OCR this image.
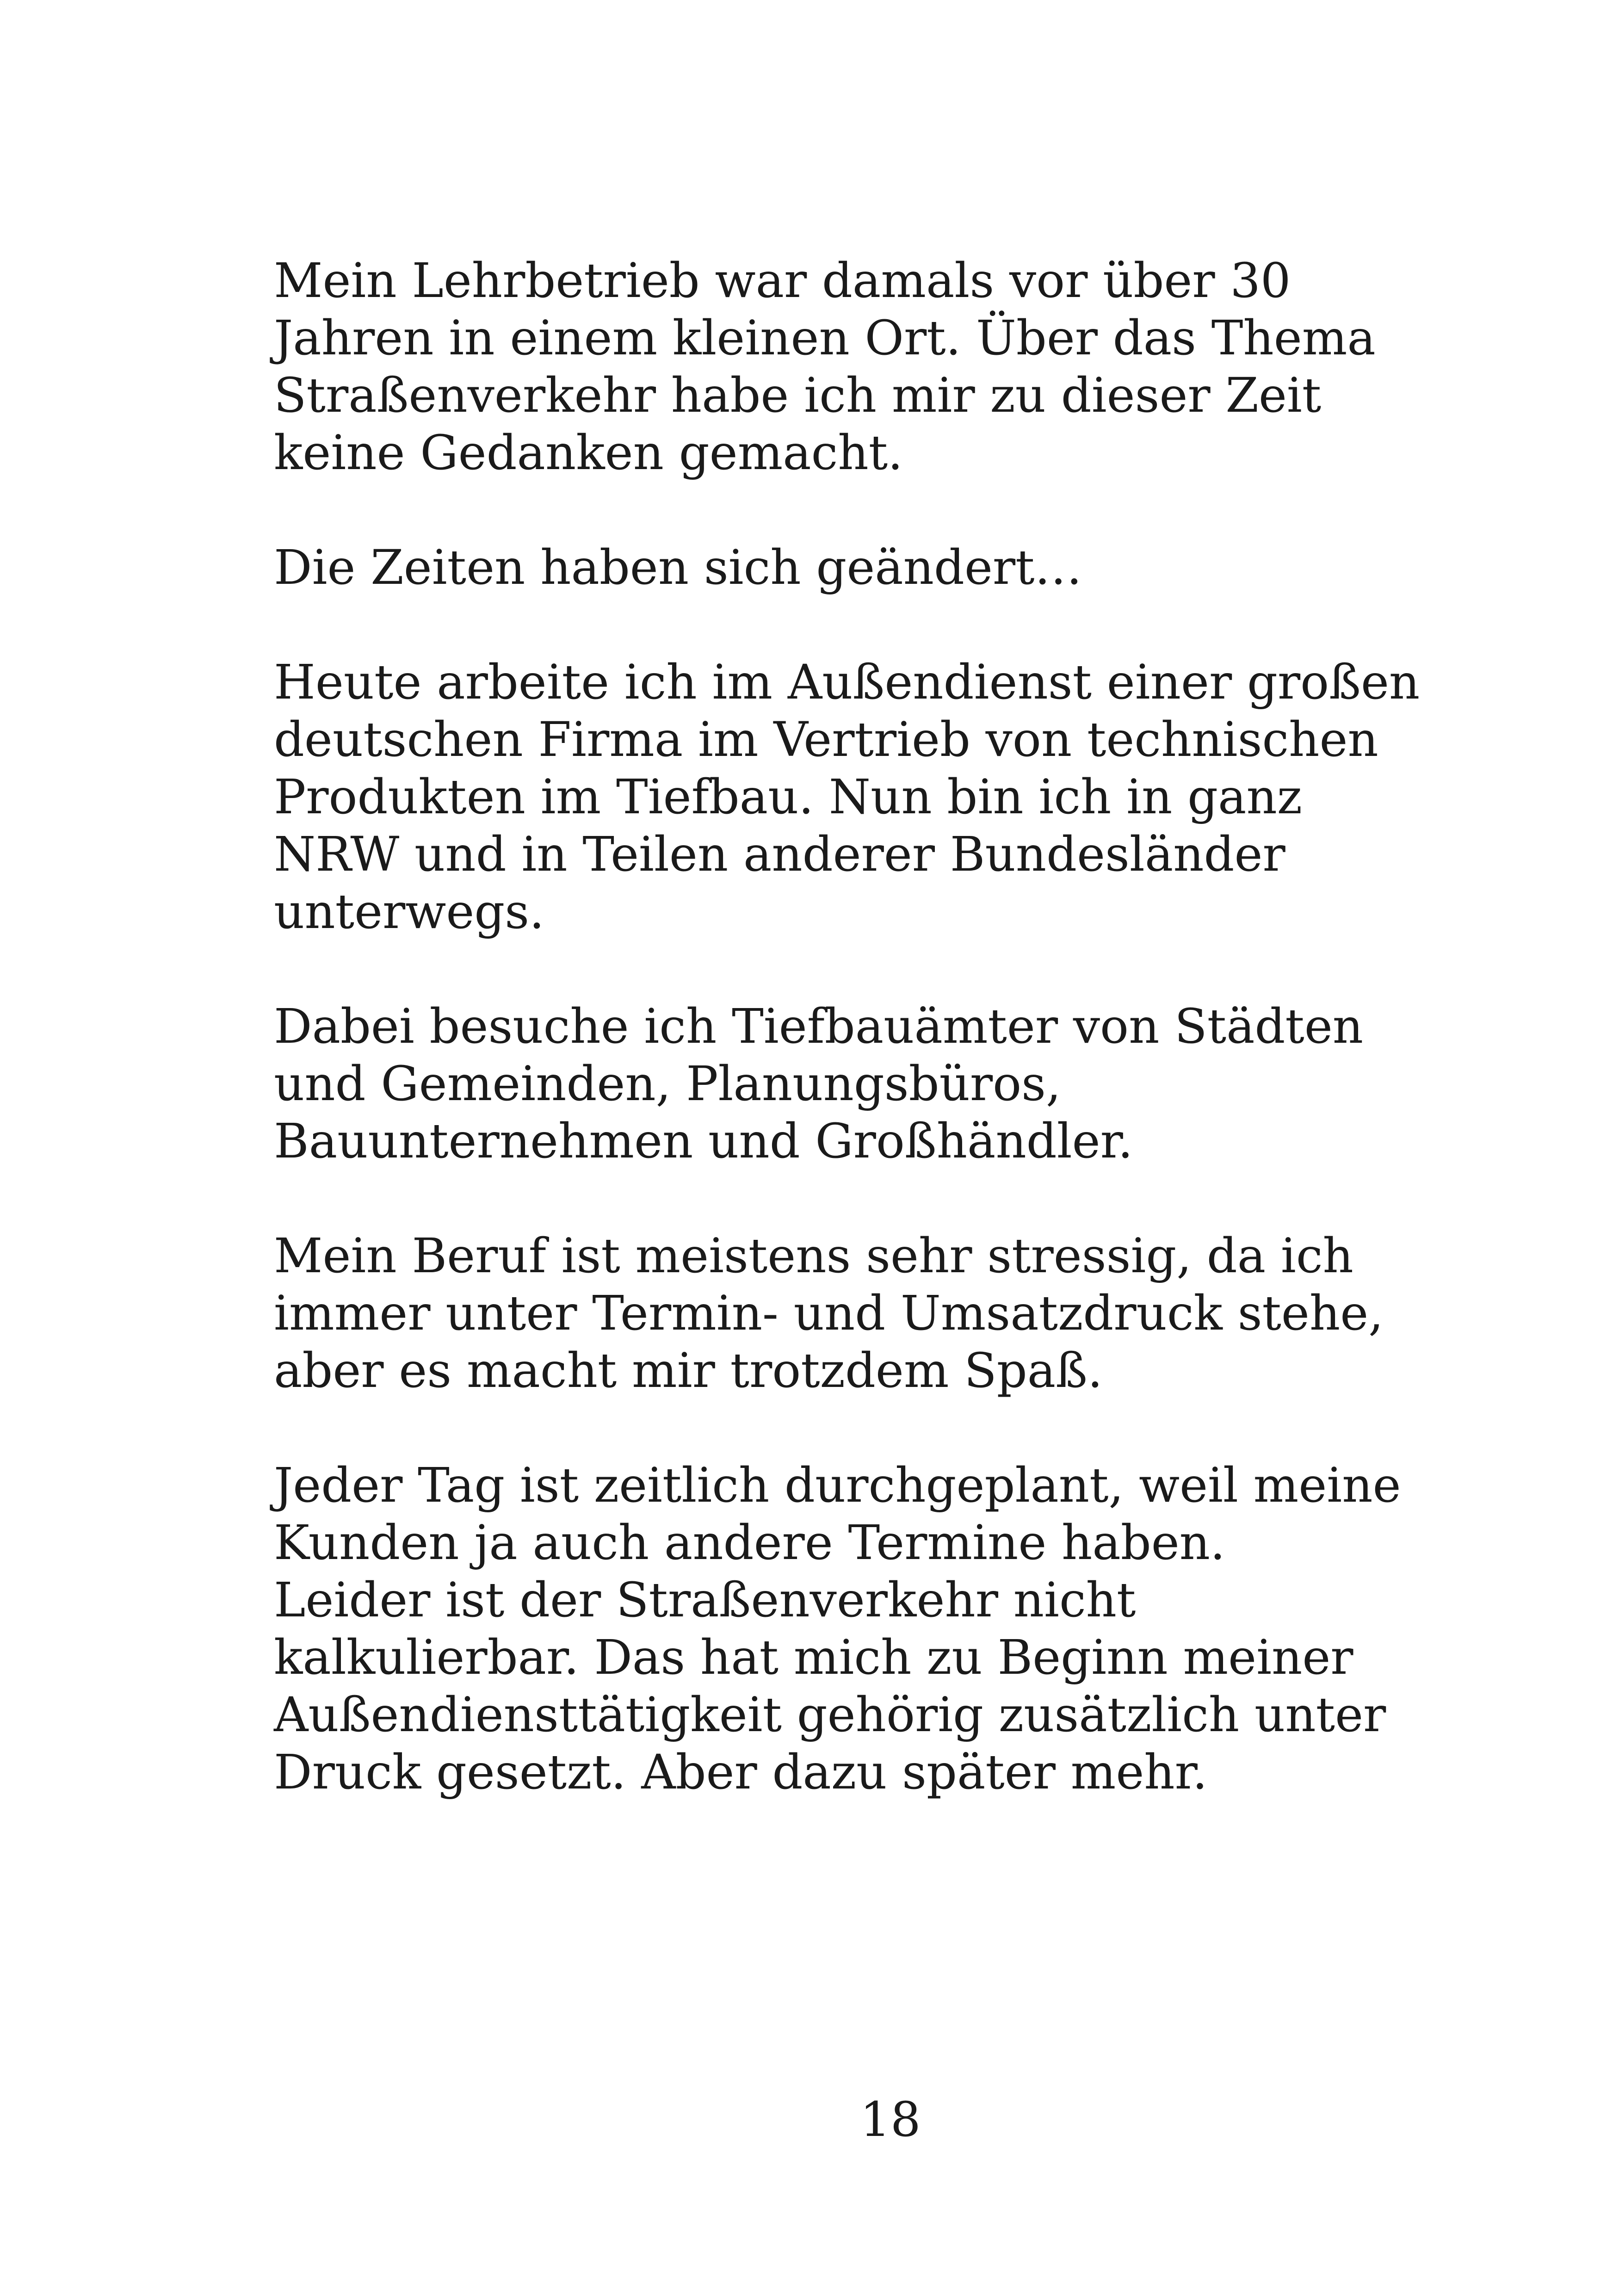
Mein Lehrbetrieb war damals vor über 30
Jahren in einem kleinen Ort. Über das Thema
Straßenverkehr habe ich mir zu dieser Zeit
keine Gedanken gemacht.

Die Zeiten haben sich geändert…

Heute arbeite ich im Außendienst einer großen
deutschen Firma im Vertrieb von technischen
Produkten im Tiefbau. Nun bin ich in ganz
NRW und in Teilen anderer Bundesländer
unterwegs.

Dabei besuche ich Tiefbauämter von Städten
und Gemeinden, Planungsbüros,
Bauunternehmen und Großhändler.

Mein Beruf ist meistens sehr stressig, da ich
immer unter Termin- und Umsatzdruck stehe,
aber es macht mir trotzdem Spaß.

Jeder Tag ist zeitlich durchgeplant, weil meine
Kunden ja auch andere Termine haben.
Leider ist der Straßenverkehr nicht
kalkulierbar. Das hat mich zu Beginn meiner
Außendiensttätigkeit gehörig zusätzlich unter
Druck gesetzt. Aber dazu später mehr.

18
